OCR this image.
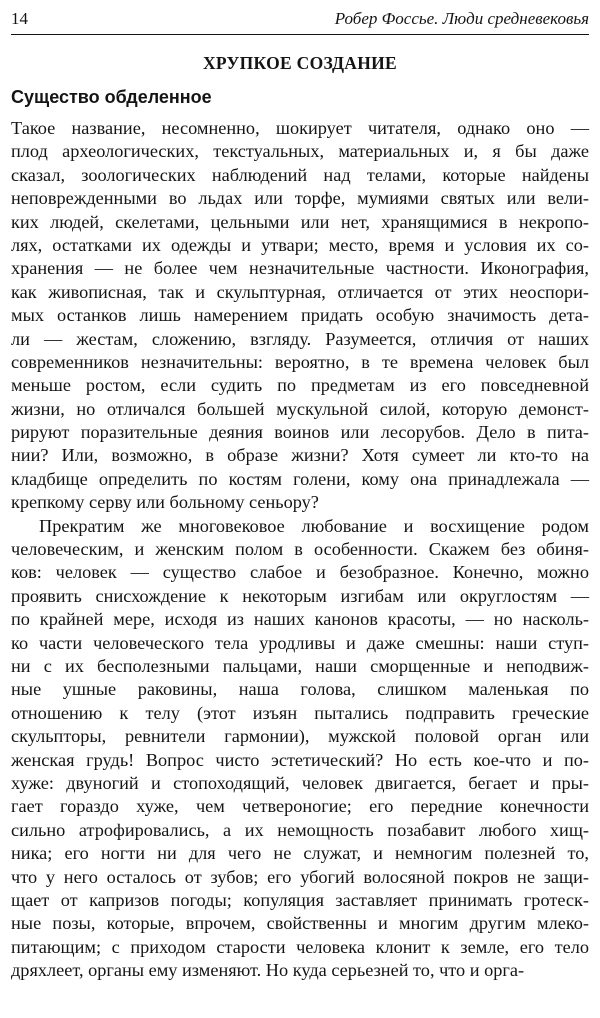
14	Робер Фоссье. Люди средневековья
ХРУПКОЕ СОЗДАНИЕ
Существо обделенное
Такое название, несомненно, шокирует читателя, однако оно —
плод археологических, текстуальных, материальных и, я бы даже
сказал, зоологических наблюдений над телами, которые найдены
неповрежденными во льдах или торфе, мумиями святых или вели-
ких людей, скелетами, цельными или нет, хранящимися в некропо-
лях, остатками их одежды и утвари; место, время и условия их со-
хранения — не более чем незначительные частности. Иконография,
как живописная, так и скульптурная, отличается от этих неоспори-
мых останков лишь намерением придать особую значимость дета-
ли — жестам, сложению, взгляду. Разумеется, отличия от наших
современников незначительны: вероятно, в те времена человек был
меньше ростом, если судить по предметам из его повседневной
жизни, но отличался большей мускульной силой, которую демонст-
рируют поразительные деяния воинов или лесорубов. Дело в пита-
нии? Или, возможно, в образе жизни? Хотя сумеет ли кто-то на
кладбище определить по костям голени, кому она принадлежала —
крепкому серву или больному сеньору?
Прекратим же многовековое любование и восхищение родом
человеческим, и женским полом в особенности. Скажем без обиня-
ков: человек — существо слабое и безобразное. Конечно, можно
проявить снисхождение к некоторым изгибам или округлостям —
по крайней мере, исходя из наших канонов красоты, — но насколь-
ко части человеческого тела уродливы и даже смешны: наши ступ-
ни с их бесполезными пальцами, наши сморщенные и неподвиж-
ные ушные раковины, наша голова, слишком маленькая по
отношению к телу (этот изъян пытались подправить греческие
скульпторы, ревнители гармонии), мужской половой орган или
женская грудь! Вопрос чисто эстетический? Но есть кое-что и по-
хуже: двуногий и стопоходящий, человек двигается, бегает и пры-
гает гораздо хуже, чем четвероногие; его передние конечности
сильно атрофировались, а их немощность позабавит любого хищ-
ника; его ногти ни для чего не служат, и немногим полезней то,
что у него осталось от зубов; его убогий волосяной покров не защи-
щает от капризов погоды; копуляция заставляет принимать гротеск-
ные позы, которые, впрочем, свойственны и многим другим млеко-
питающим; с приходом старости человека клонит к земле, его тело
дряхлеет, органы ему изменяют. Но куда серьезней то, что и орга-
